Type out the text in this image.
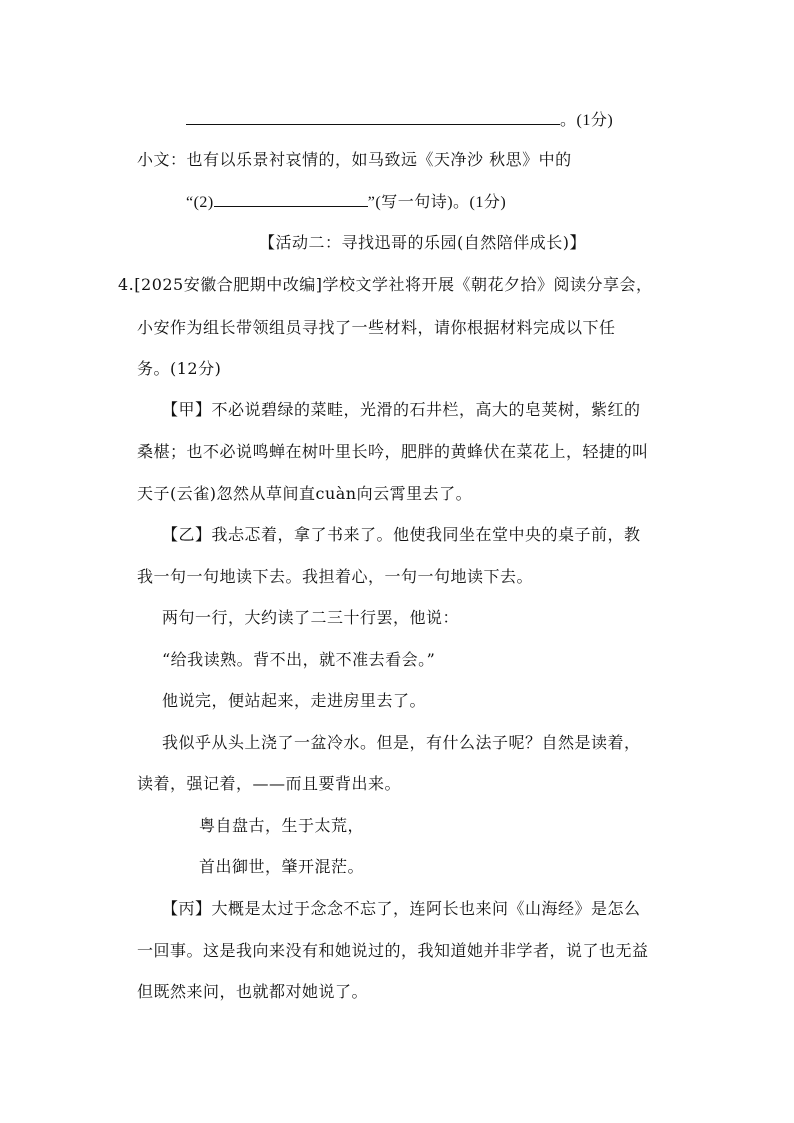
。(1分)
小文：也有以乐景衬哀情的，如马致远《天净沙 秋思》中的
“(2)	”(写一句诗)。(1分)
【活动二：寻找迅哥的乐园(自然陪伴成长)】
4.[2025安徽合肥期中改编]学校文学社将开展《朝花夕拾》阅读分享会，
小安作为组长带领组员寻找了一些材料，请你根据材料完成以下任
务。(12分)
【甲】不必说碧绿的菜畦，光滑的石井栏，高大的皂荚树，紫红的
桑椹；也不必说鸣蝉在树叶里长吟，肥胖的黄蜂伏在菜花上，轻捷的叫
天子(云雀)忽然从草间直cuàn向云霄里去了。
【乙】我忐忑着，拿了书来了。他使我同坐在堂中央的桌子前，教
我一句一句地读下去。我担着心，一句一句地读下去。
两句一行，大约读了二三十行罢，他说：
“给我读熟。背不出，就不准去看会。”
他说完，便站起来，走进房里去了。
我似乎从头上浇了一盆冷水。但是，有什么法子呢？自然是读着，
读着，强记着，——而且要背出来。
粤自盘古，生于太荒，
首出御世，肇开混茫。
【丙】大概是太过于念念不忘了，连阿长也来问《山海经》是怎么
一回事。这是我向来没有和她说过的，我知道她并非学者，说了也无益
但既然来问，也就都对她说了。
